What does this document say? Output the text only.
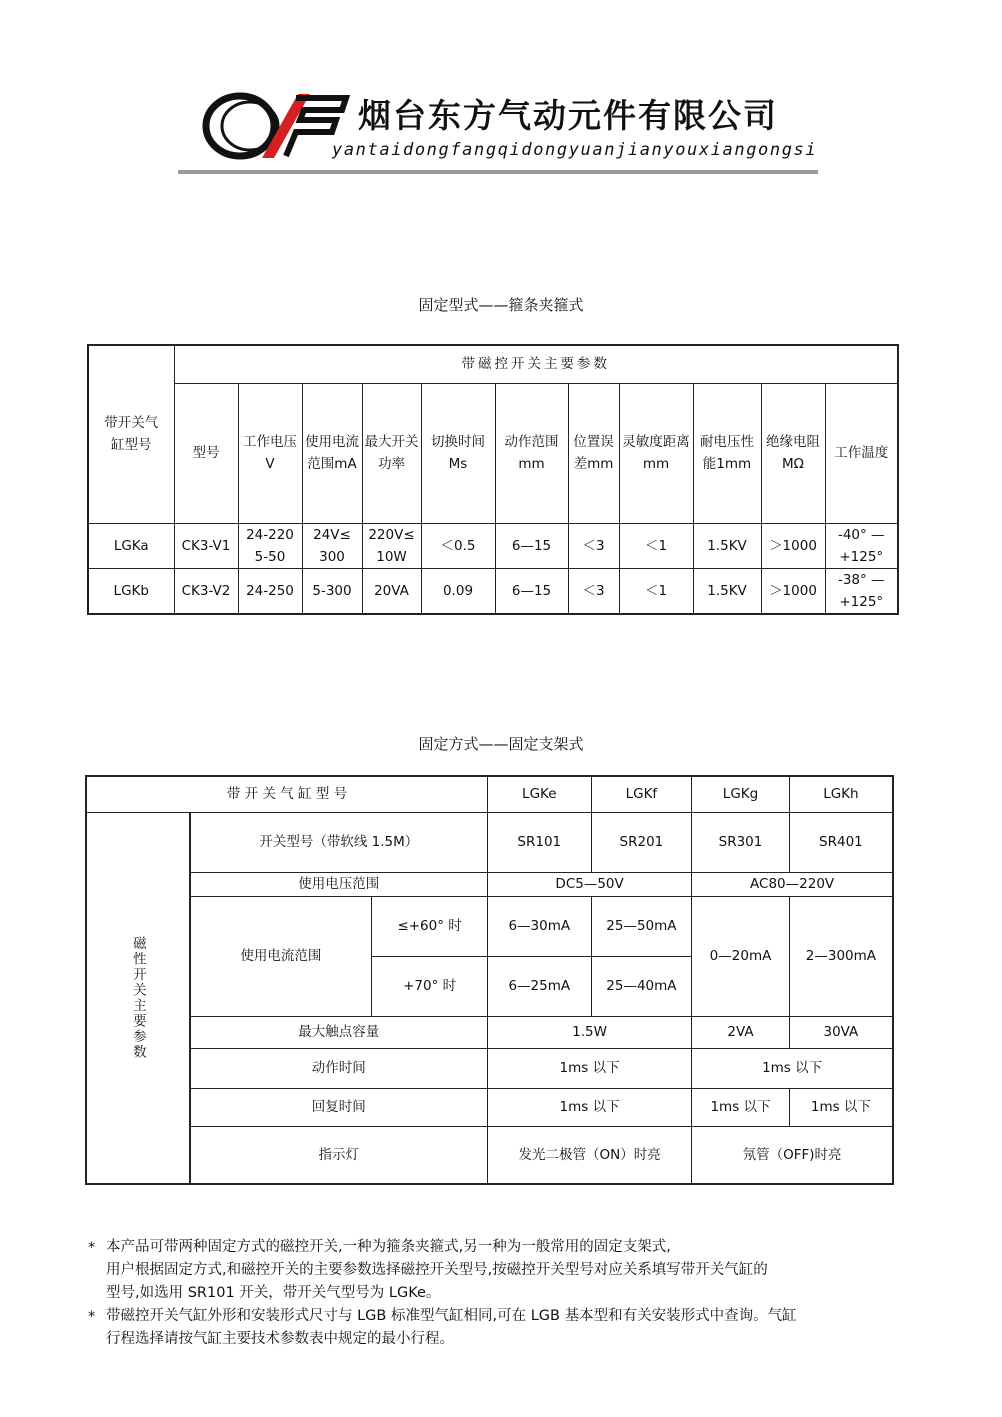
烟台东方气动元件有限公司
yantaidongfangqidongyuanjianyouxiangongsi
固定型式——箍条夹箍式
带开关气缸型号	带磁控开关主要参数										
	型号	工作电压V	使用电流范围mA	最大开关功率	切换时间Ms	动作范围mm	位置误差mm	灵敏度距离mm	耐电压性能1mm	绝缘电阻MΩ	工作温度
LGKa	CK3-V1	24-220 5-50	24V≤ 300	220V≤ 10W	＜0.5	6—15	＜3	＜1	1.5KV	＞1000	-40° — +125°
LGKb	CK3-V2	24-250	5-300	20VA	0.09	6—15	＜3	＜1	1.5KV	＞1000	-38° — +125°
固定方式——固定支架式
带 开 关 气 缸 型 号			LGKe	LGKf	LGKg	LGKh
磁性开关主要参数	开关型号（带软线 1.5M）		SR101	SR201	SR301	SR401
	使用电压范围		DC5—50V		AC80—220V	
	使用电流范围	≤+60° 时	6—30mA	25—50mA	0—20mA	2—300mA
		+70° 时	6—25mA	25—40mA		
	最大触点容量		1.5W		2VA	30VA
	动作时间		1ms 以下		1ms 以下	
	回复时间		1ms 以下		1ms 以下	1ms 以下
	指示灯		发光二极管（ON）时亮		氖管（OFF)时亮	
* 本产品可带两种固定方式的磁控开关,一种为箍条夹箍式,另一种为一般常用的固定支架式,
用户根据固定方式,和磁控开关的主要参数选择磁控开关型号,按磁控开关型号对应关系填写带开关气缸的
型号,如选用 SR101 开关，带开关气型号为 LGKe。
* 带磁控开关气缸外形和安装形式尺寸与 LGB 标准型气缸相同,可在 LGB 基本型和有关安装形式中查询。气缸
行程选择请按气缸主要技术参数表中规定的最小行程。
